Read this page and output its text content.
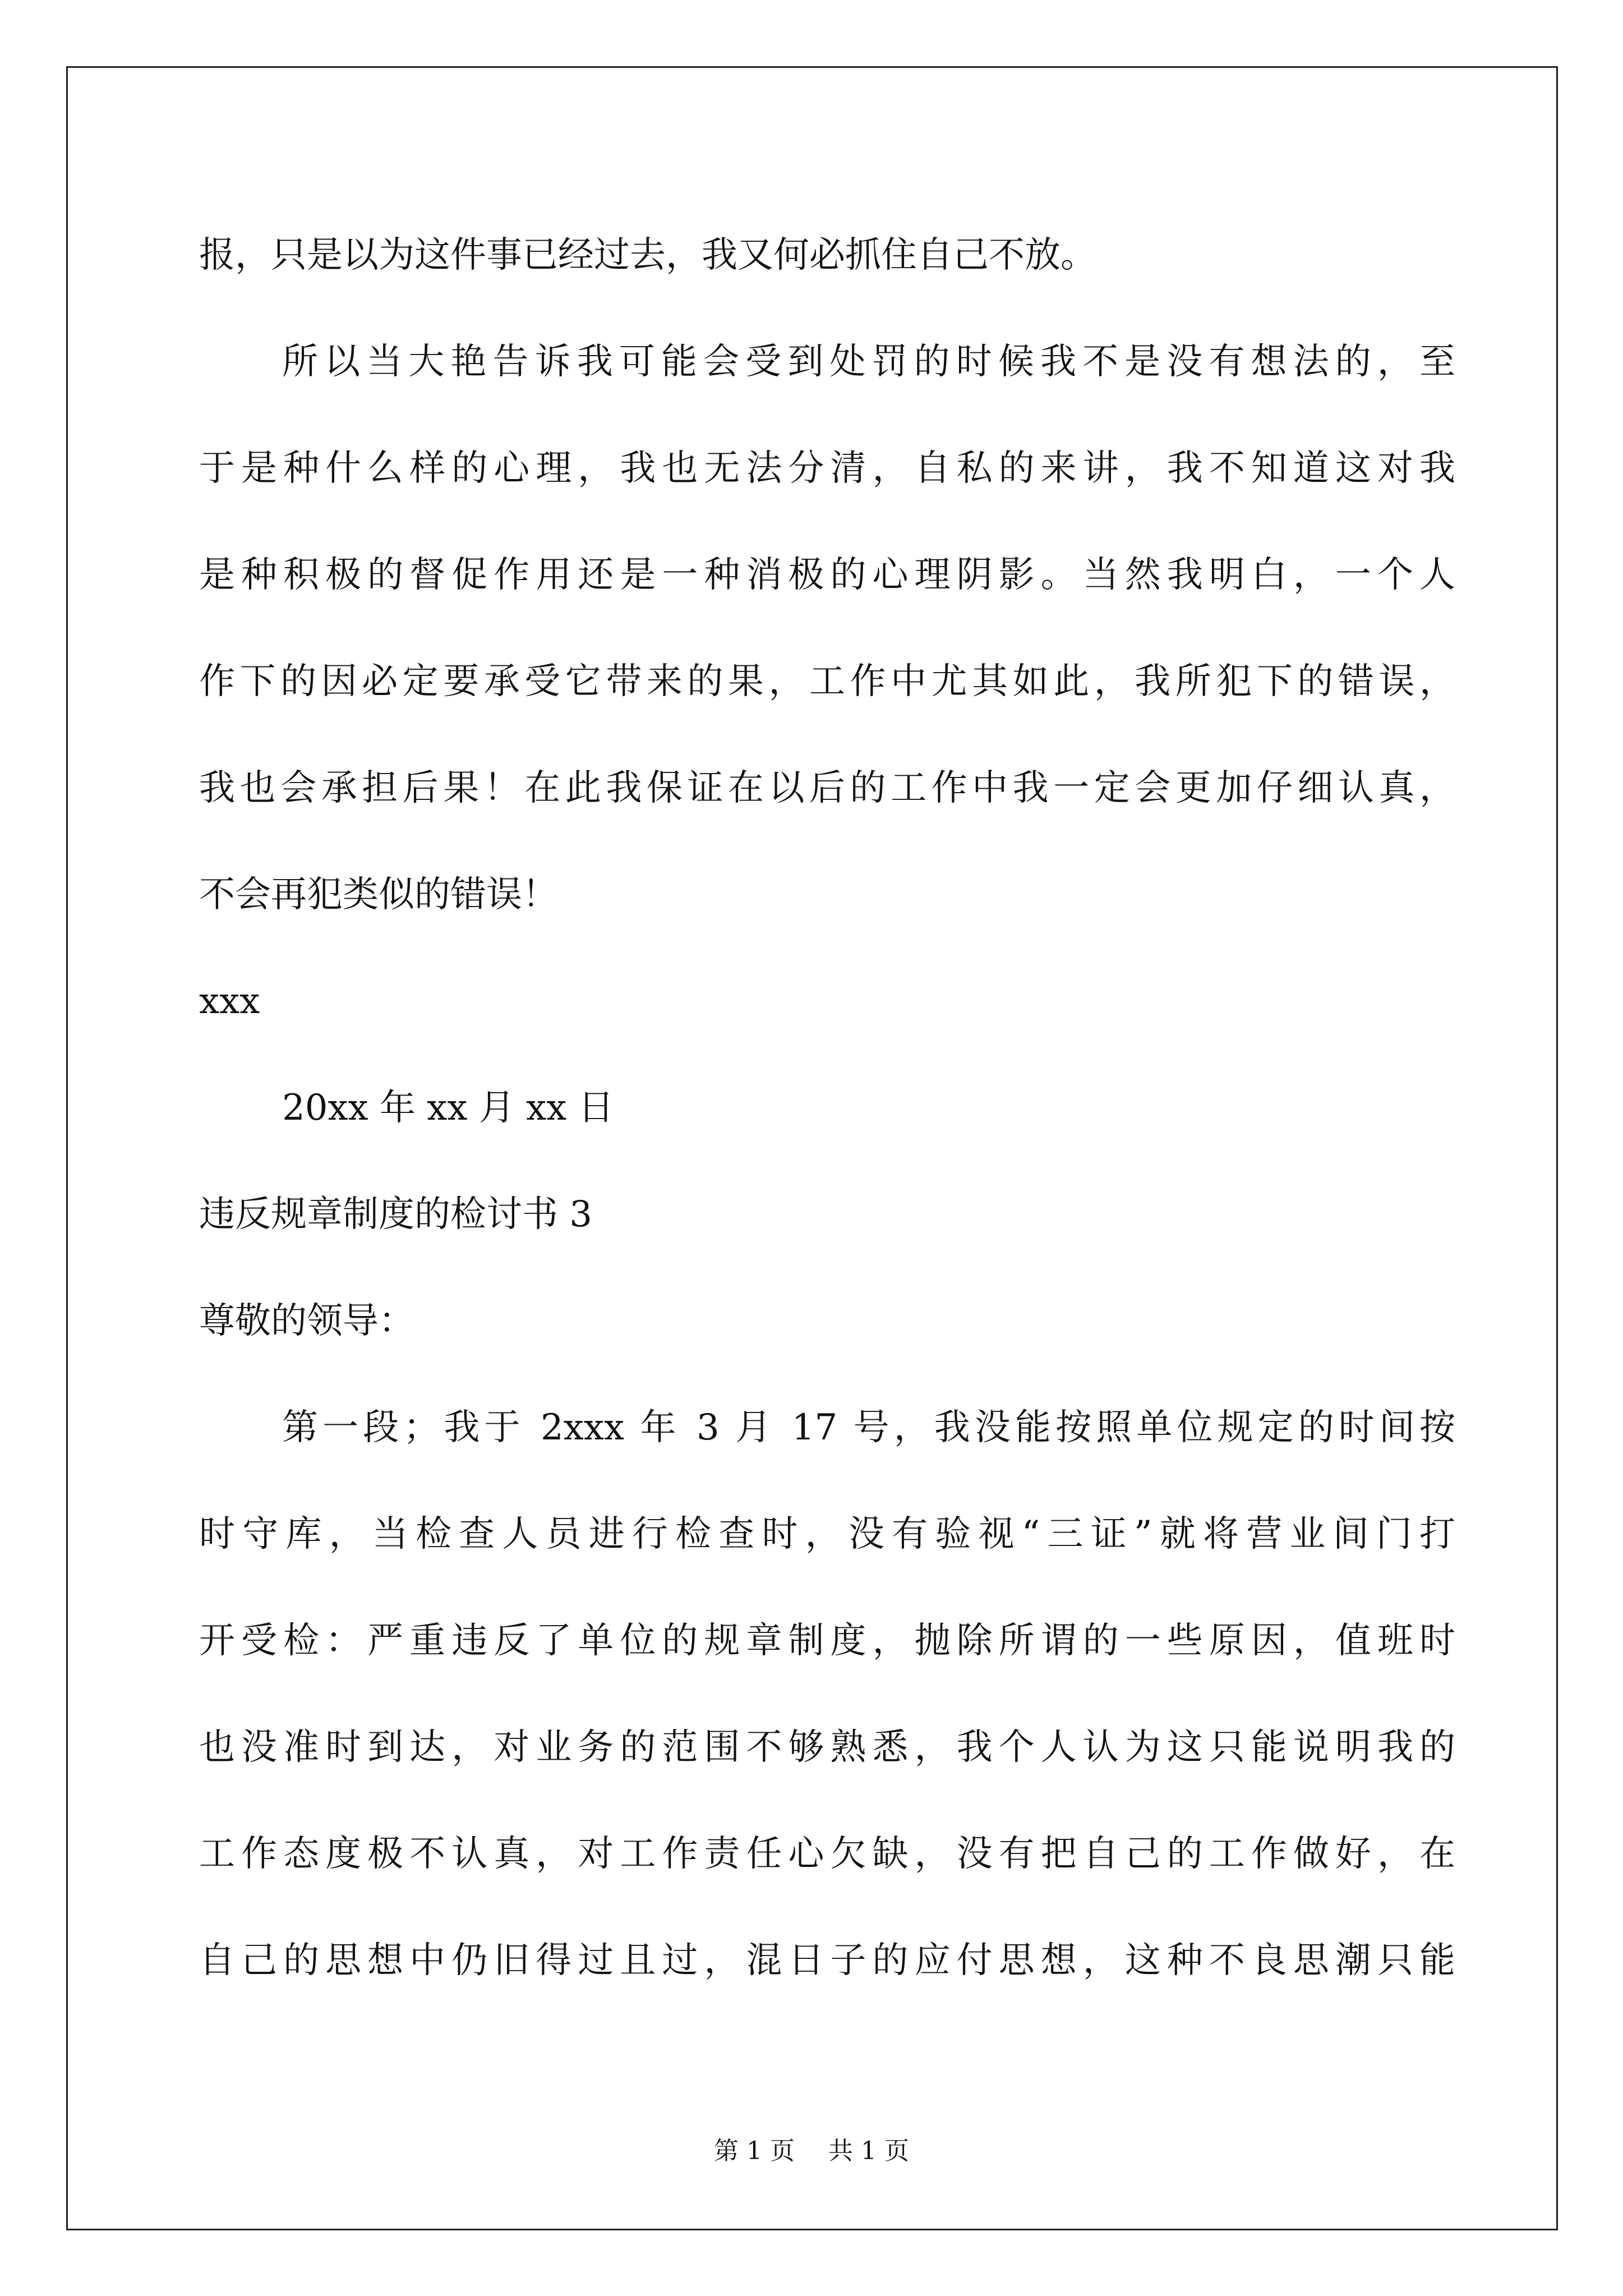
报，只是以为这件事已经过去，我又何必抓住自己不放。
所以当大艳告诉我可能会受到处罚的时候我不是没有想法的，至
于是种什么样的心理，我也无法分清，自私的来讲，我不知道这对我
是种积极的督促作用还是一种消极的心理阴影。当然我明白，一个人
作下的因必定要承受它带来的果，工作中尤其如此，我所犯下的错误，
我也会承担后果！在此我保证在以后的工作中我一定会更加仔细认真，
不会再犯类似的错误！
xxx
20xx 年 xx 月 xx 日
违反规章制度的检讨书 3
尊敬的领导：
第一段；我于 2xxx 年 3 月 17 号，我没能按照单位规定的时间按
时守库，当检查人员进行检查时，没有验视“三证”就将营业间门打
开受检：严重违反了单位的规章制度，抛除所谓的一些原因，值班时
也没准时到达，对业务的范围不够熟悉，我个人认为这只能说明我的
工作态度极不认真，对工作责任心欠缺，没有把自己的工作做好，在
自己的思想中仍旧得过且过，混日子的应付思想，这种不良思潮只能
第 1 页 共 1 页
